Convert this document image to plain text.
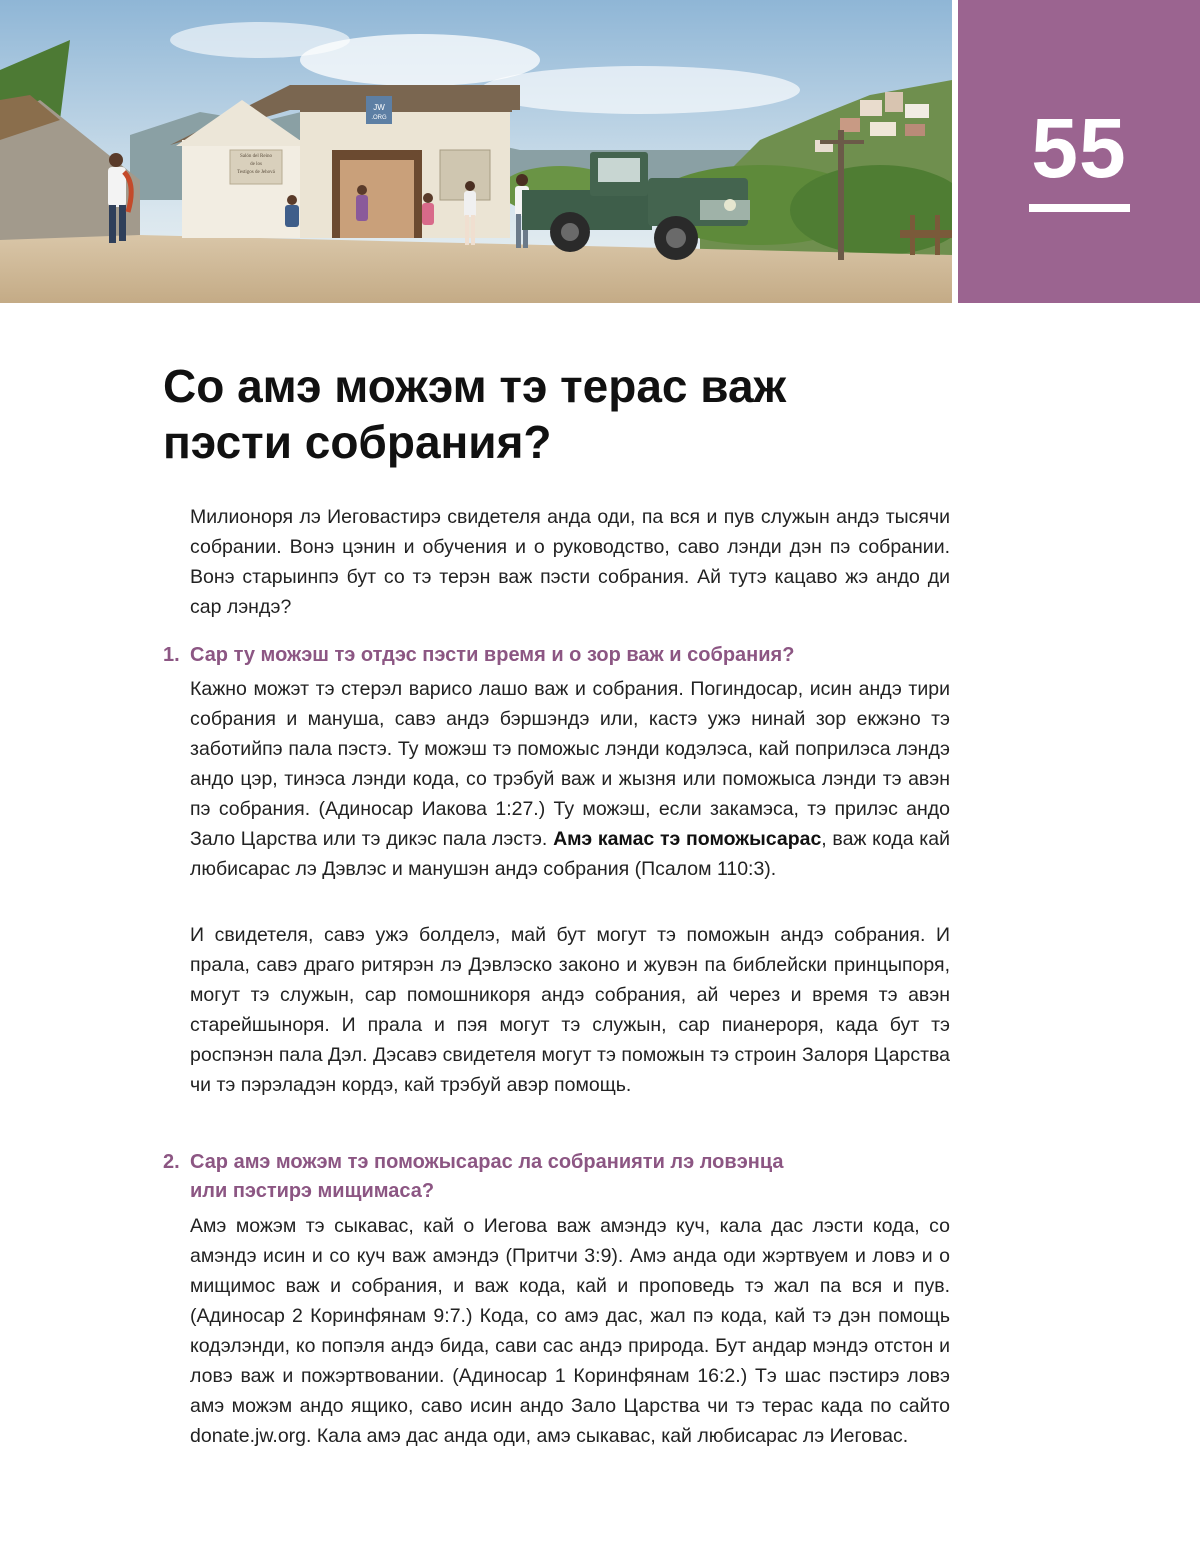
JW
.ORG
Salón del Reino
de los
Testigos de Jehová	55
Со амэ можэм тэ терас важ
пэсти собрания?

Милионоря лэ Иеговастирэ свидетеля анда оди, па вся и пув служын андэ тысячи собрании. Вонэ цэнин и обучения и о руководство, саво лэнди дэн пэ собрании. Вонэ старыинпэ бут со тэ терэн важ пэсти собрания. Ай тутэ кацаво жэ андо ди сар лэндэ?

1. Сар ту можэш тэ отдэс пэсти время и о зор важ и собрания?

Кажно можэт тэ стерэл варисо лашо важ и собрания. Погиндосар, исин андэ тири собрания и мануша, савэ андэ бэршэндэ или, кастэ ужэ нинай зор екжэно тэ заботийпэ пала пэстэ. Ту можэш тэ поможыс лэнди кодэлэса, кай поприлэса лэндэ андо цэр, тинэса лэнди кода, со трэбуй важ и жызня или поможыса лэнди тэ авэн пэ собрания. (Адиносар Иакова 1:27.) Ту можэш, если закамэса, тэ прилэс андо Зало Царства или тэ дикэс пала лэстэ. Амэ камас тэ поможысарас, важ кода кай любисарас лэ Дэвлэс и манушэн андэ собрания (Псалом 110:3).

И свидетеля, савэ ужэ болделэ, май бут могут тэ поможын андэ собрания. И прала, савэ драго ритярэн лэ Дэвлэско законо и жувэн па библейски принцыпоря, могут тэ служын, сар помошникоря андэ собрания, ай через и время тэ авэн старейшыноря. И прала и пэя могут тэ служын, сар пианероря, када бут тэ роспэнэн пала Дэл. Дэсавэ свидетеля могут тэ поможын тэ строин Залоря Царства чи тэ пэрэладэн кордэ, кай трэбуй авэр помощь.

2. Сар амэ можэм тэ поможысарас ла собранияти лэ ловэнца
или пэстирэ мищимаса?

Амэ можэм тэ сыкавас, кай о Иегова важ амэндэ куч, кала дас лэсти кода, со амэндэ исин и со куч важ амэндэ (Притчи 3:9). Амэ анда оди жэртвуем и ловэ и о мищимос важ и собрания, и важ кода, кай и проповедь тэ жал па вся и пув. (Адиносар 2 Коринфянам 9:7.) Кода, со амэ дас, жал пэ кода, кай тэ дэн помощь кодэлэнди, ко попэля андэ бида, сави сас андэ природа. Бут андар мэндэ отстон и ловэ важ и пожэртвовании. (Адиносар 1 Коринфянам 16:2.) Тэ шас пэстирэ ловэ амэ можэм андо ящико, саво исин андо Зало Царства чи тэ терас када по сайто donate.jw.org. Кала амэ дас анда оди, амэ сыкавас, кай любисарас лэ Иеговас.
